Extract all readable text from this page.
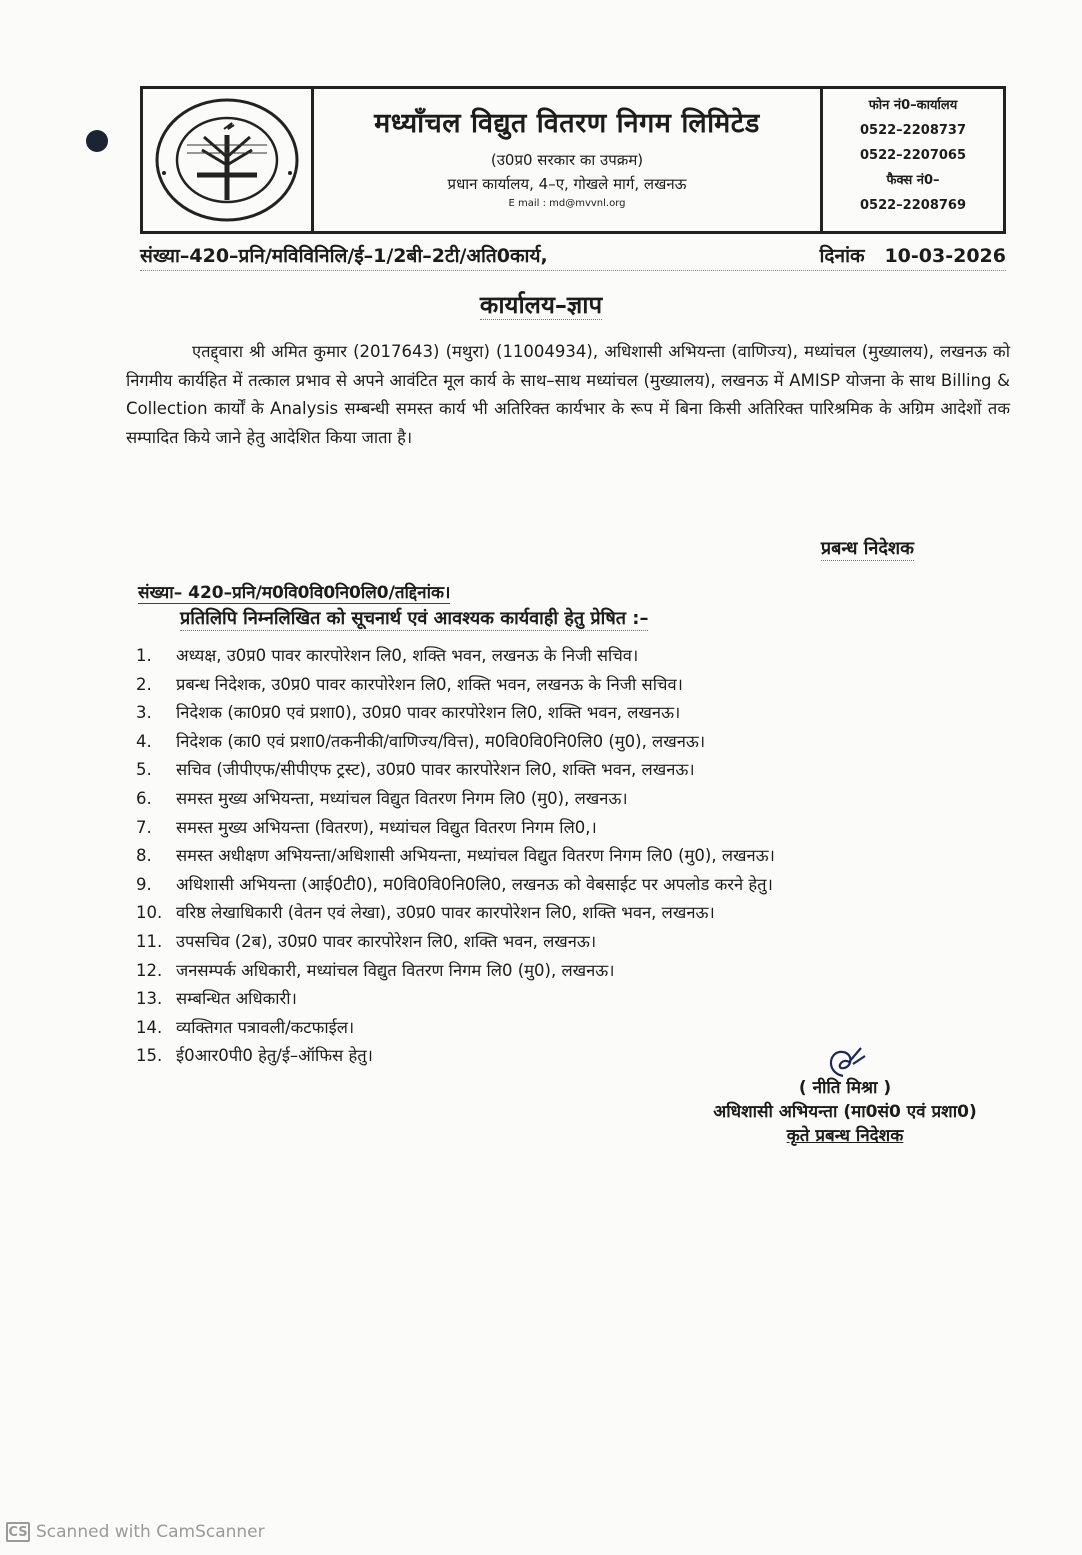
मध्यॉंचल विद्युत वितरण निगम लिमिटेड
(उ0प्र0 सरकार का उपक्रम)
प्रधान कार्यालय, 4–ए, गोखले मार्ग, लखनऊ
E mail : md@mvvnl.org
फोन नं0–कार्यालय
0522–2208737
0522–2207065
फैक्स नं0–
0522–2208769
संख्या–420–प्रनि/मविविनिलि/ई–1/2बी–2टी/अति0कार्य,	दिनांक 10-03-2026
कार्यालय–ज्ञाप
एतद्द्वारा श्री अमित कुमार (2017643) (मथुरा) (11004934), अधिशासी अभियन्ता (वाणिज्य), मध्यांचल (मुख्यालय), लखनऊ को निगमीय कार्यहित में तत्काल प्रभाव से अपने आवंटित मूल कार्य के साथ–साथ मध्यांचल (मुख्यालय), लखनऊ में AMISP योजना के साथ Billing & Collection कार्यों के Analysis सम्बन्धी समस्त कार्य भी अतिरिक्त कार्यभार के रूप में बिना किसी अतिरिक्त पारिश्रमिक के अग्रिम आदेशों तक सम्पादित किये जाने हेतु आदेशित किया जाता है।
प्रबन्ध निदेशक
संख्या– 420–प्रनि/म0वि0वि0नि0लि0/तद्दिनांक।
प्रतिलिपि निम्नलिखित को सूचनार्थ एवं आवश्यक कार्यवाही हेतु प्रेषित :–
1.	अध्यक्ष, उ0प्र0 पावर कारपोरेशन लि0, शक्ति भवन, लखनऊ के निजी सचिव।
2.	प्रबन्ध निदेशक, उ0प्र0 पावर कारपोरेशन लि0, शक्ति भवन, लखनऊ के निजी सचिव।
3.	निदेशक (का0प्र0 एवं प्रशा0), उ0प्र0 पावर कारपोरेशन लि0, शक्ति भवन, लखनऊ।
4.	निदेशक (का0 एवं प्रशा0/तकनीकी/वाणिज्य/वित्त), म0वि0वि0नि0लि0 (मु0), लखनऊ।
5.	सचिव (जीपीएफ/सीपीएफ ट्रस्ट), उ0प्र0 पावर कारपोरेशन लि0, शक्ति भवन, लखनऊ।
6.	समस्त मुख्य अभियन्ता, मध्यांचल विद्युत वितरण निगम लि0 (मु0), लखनऊ।
7.	समस्त मुख्य अभियन्ता (वितरण), मध्यांचल विद्युत वितरण निगम लि0,।
8.	समस्त अधीक्षण अभियन्ता/अधिशासी अभियन्ता, मध्यांचल विद्युत वितरण निगम लि0 (मु0), लखनऊ।
9.	अधिशासी अभियन्ता (आई0टी0), म0वि0वि0नि0लि0, लखनऊ को वेबसाईट पर अपलोड करने हेतु।
10. वरिष्ठ लेखाधिकारी (वेतन एवं लेखा), उ0प्र0 पावर कारपोरेशन लि0, शक्ति भवन, लखनऊ।
11. उपसचिव (2ब), उ0प्र0 पावर कारपोरेशन लि0, शक्ति भवन, लखनऊ।
12. जनसम्पर्क अधिकारी, मध्यांचल विद्युत वितरण निगम लि0 (मु0), लखनऊ।
13. सम्बन्धित अधिकारी।
14. व्यक्तिगत पत्रावली/कटफाईल।
15. ई0आर0पी0 हेतु/ई–ऑफिस हेतु।
( नीति मिश्रा )
अधिशासी अभियन्ता (मा0सं0 एवं प्रशा0)
कृते प्रबन्ध निदेशक
CS Scanned with CamScanner
